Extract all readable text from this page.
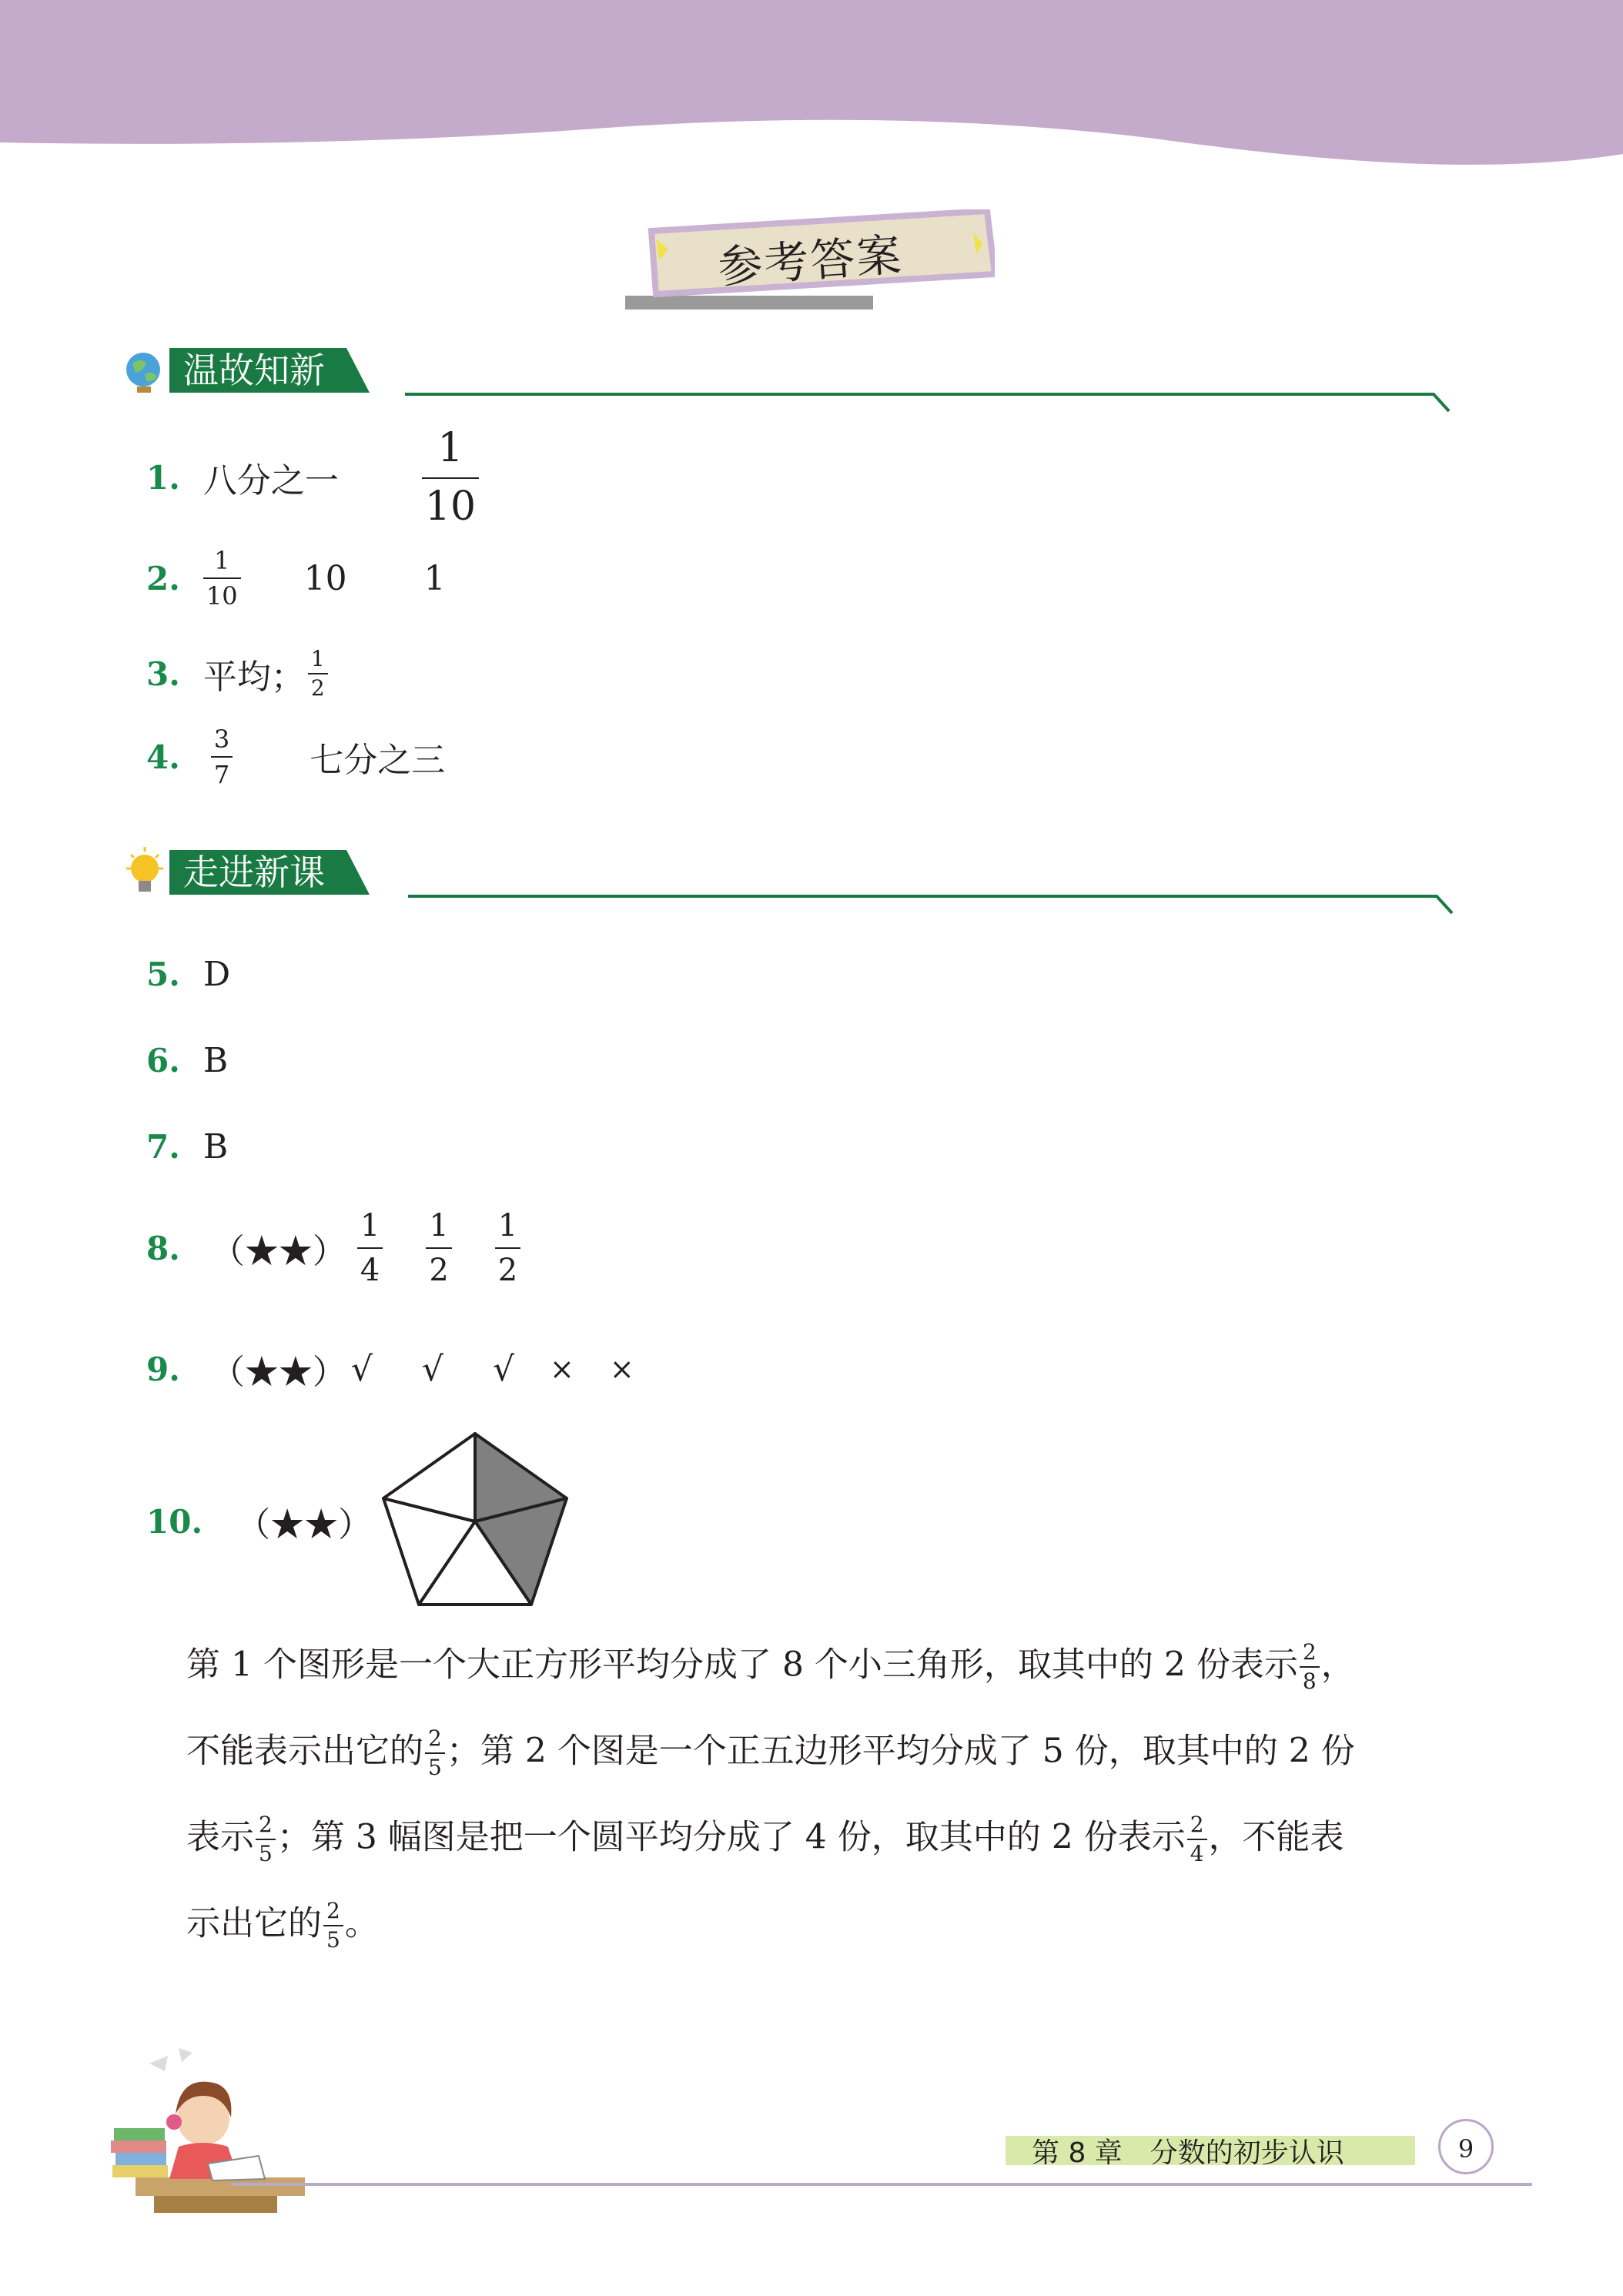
参考答案
温故知新
1. 八分之一 $\frac{1}{10}$
2. $\frac{1}{10} 10$ 1
3. 平均； $\frac{1}{2}$
4. $\frac{3}{7}$ 七分之三
走进新课
5. D
6. B
7. B
8. （★★） $\frac{1}{4} \frac{1}{2} \frac{1}{2}$
9. （★★） √ √ √ × ×
10. （★★）
第 1 个图形是一个大正方形平均分成了 8 个小三角形，取其中的 2 份表示 $\frac{2}{8}$ ，
不能表示出它的 $\frac{2}{5}$ ；第 2 个图是一个正五边形平均分成了 5 份，取其中的 2 份
表示 $\frac{2}{5}$ ；第 3 幅图是把一个圆平均分成了 4 份，取其中的 2 份表示 $\frac{2}{4}$ ，不能表
示出它的 $\frac{2}{5}$ 。
第 8 章　分数的初步认识	9
